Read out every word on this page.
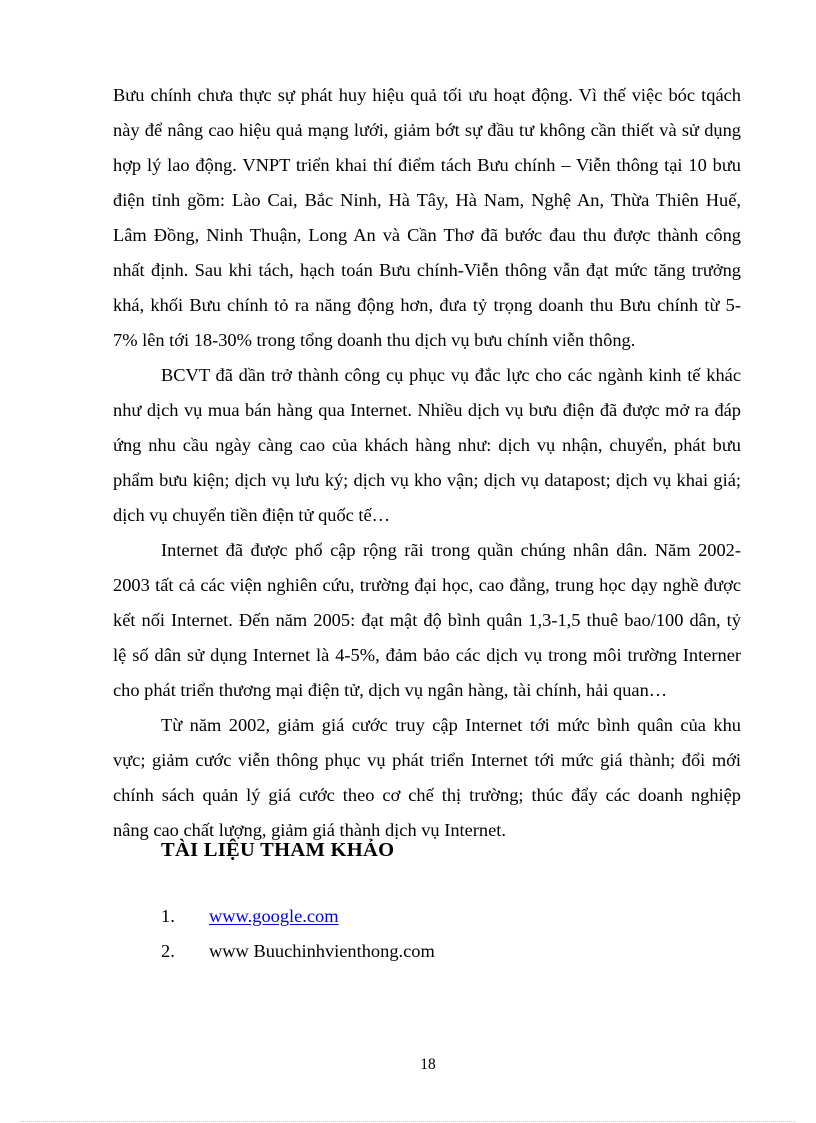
Bưu chính chưa thực sự phát huy hiệu quả tối ưu hoạt động. Vì thế việc bóc tqách
này để nâng cao hiệu quả mạng lưới, giảm bớt sự đầu tư không cần thiết và sử dụng
hợp lý lao động. VNPT triển khai thí điểm tách Bưu chính – Viễn thông tại 10 bưu
điện tỉnh gồm: Lào Cai, Bắc Ninh, Hà Tây, Hà Nam, Nghệ An, Thừa Thiên Huế,
Lâm Đồng, Ninh Thuận, Long An và Cần Thơ đã bước đau thu được thành công
nhất định. Sau khi tách, hạch toán Bưu chính-Viễn thông vẫn đạt mức tăng trưởng
khá, khối Bưu chính tỏ ra năng động hơn, đưa tỷ trọng doanh thu Bưu chính từ 5-
7% lên tới 18-30% trong tổng doanh thu dịch vụ bưu chính viễn thông.
BCVT đã dần trở thành công cụ phục vụ đắc lực cho các ngành kinh tế khác
như dịch vụ mua bán hàng qua Internet. Nhiều dịch vụ bưu điện đã được mở ra đáp
ứng nhu cầu ngày càng cao của khách hàng như: dịch vụ nhận, chuyển, phát bưu
phẩm bưu kiện; dịch vụ lưu ký; dịch vụ kho vận; dịch vụ datapost; dịch vụ khai giá;
dịch vụ chuyển tiền điện tử quốc tế…
Internet đã được phổ cập rộng rãi trong quần chúng nhân dân. Năm 2002-
2003 tất cả các viện nghiên cứu, trường đại học, cao đẳng, trung học dạy nghề được
kết nối Internet. Đến năm 2005: đạt mật độ bình quân 1,3-1,5 thuê bao/100 dân, tỷ
lệ số dân sử dụng Internet là 4-5%, đảm bảo các dịch vụ trong môi trường Interner
cho phát triển thương mại điện tử, dịch vụ ngân hàng, tài chính, hải quan…
Từ năm 2002, giảm giá cước truy cập Internet tới mức bình quân của khu
vực; giảm cước viễn thông phục vụ phát triển Internet tới mức giá thành; đổi mới
chính sách quản lý giá cước theo cơ chế thị trường; thúc đẩy các doanh nghiệp
nâng cao chất lượng, giảm giá thành dịch vụ Internet.
TÀI LIỆU THAM KHẢO
1. www.google.com
2. www Buuchinhvienthong.com
18
